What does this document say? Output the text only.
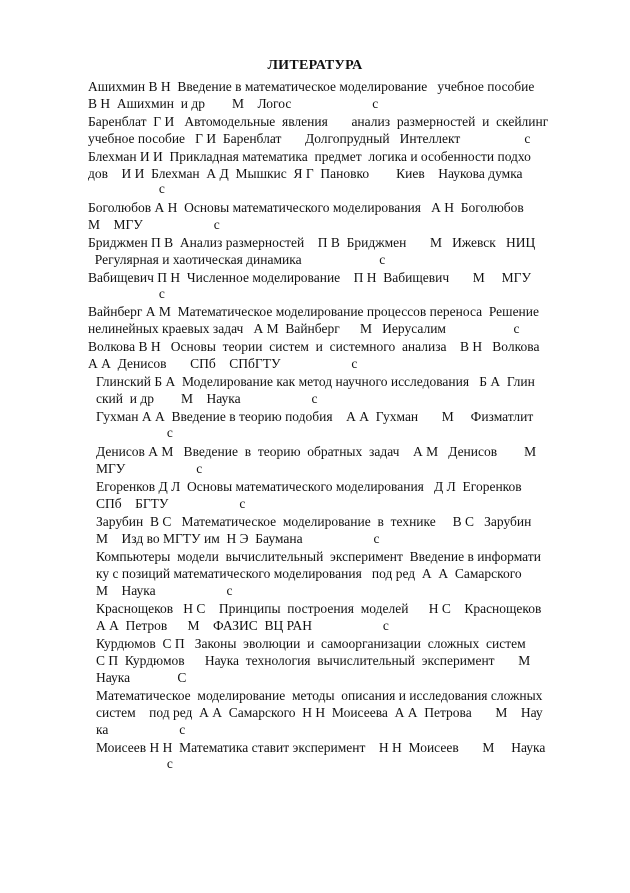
ЛИТЕРАТУРА
Ашихмин В Н  Введение в математическое моделирование   учебное пособие
В Н  Ашихмин  и др        М    Логос                        с
Баренблат  Г И   Автомодельные  явления       анализ  размерностей  и  скейлинг
учебное пособие   Г И  Баренблат       Долгопрудный   Интеллект                   с
Блехман И И  Прикладная математика  предмет  логика и особенности подхо
дов    И И  Блехман  А Д  Мышкис  Я Г  Пановко        Киев    Наукова думка
с
Боголюбов А Н  Основы математического моделирования   А Н  Боголюбов
М    МГУ                     с
Бриджмен П В  Анализ размерностей    П В  Бриджмен       М   Ижевск   НИЦ
Регулярная и хаотическая динамика                       с
Вабищевич П Н  Численное моделирование    П Н  Вабищевич       М     МГУ
с
Вайнберг А М  Математическое моделирование процессов переноса  Решение
нелинейных краевых задач   А М  Вайнберг      М   Иерусалим                    с
Волкова В Н   Основы  теории  систем  и  системного  анализа    В Н   Волкова
А А  Денисов       СПб    СПбГТУ                     с
Глинский Б А  Моделирование как метод научного исследования   Б А  Глин
ский  и др        М    Наука                     с
Гухман А А  Введение в теорию подобия    А А  Гухман       М     Физматлит
с
Денисов А М   Введение  в  теорию  обратных  задач    А М   Денисов        М
МГУ                     с
Егоренков Д Л  Основы математического моделирования   Д Л  Егоренков
СПб    БГТУ                     с
Зарубин  В С   Математическое  моделирование  в  технике     В С   Зарубин
М    Изд во МГТУ им  Н Э  Баумана                     с
Компьютеры  модели  вычислительный  эксперимент  Введение в информати
ку с позиций математического моделирования   под ред  А  А  Самарского
М    Наука                     с
Краснощеков   Н С    Принципы  построения  моделей      Н С    Краснощеков
А А  Петров      М    ФАЗИС  ВЦ РАН                     с
Курдюмов  С П   Законы  эволюции  и  самоорганизации  сложных  систем
С П  Курдюмов      Наука  технология  вычислительный  эксперимент       М
Наука              С
Математическое  моделирование  методы  описания и исследования сложных
систем    под ред  А А  Самарского  Н Н  Моисеева  А А  Петрова       М    Нау
ка                     с
Моисеев Н Н  Математика ставит эксперимент    Н Н  Моисеев       М     Наука
с
